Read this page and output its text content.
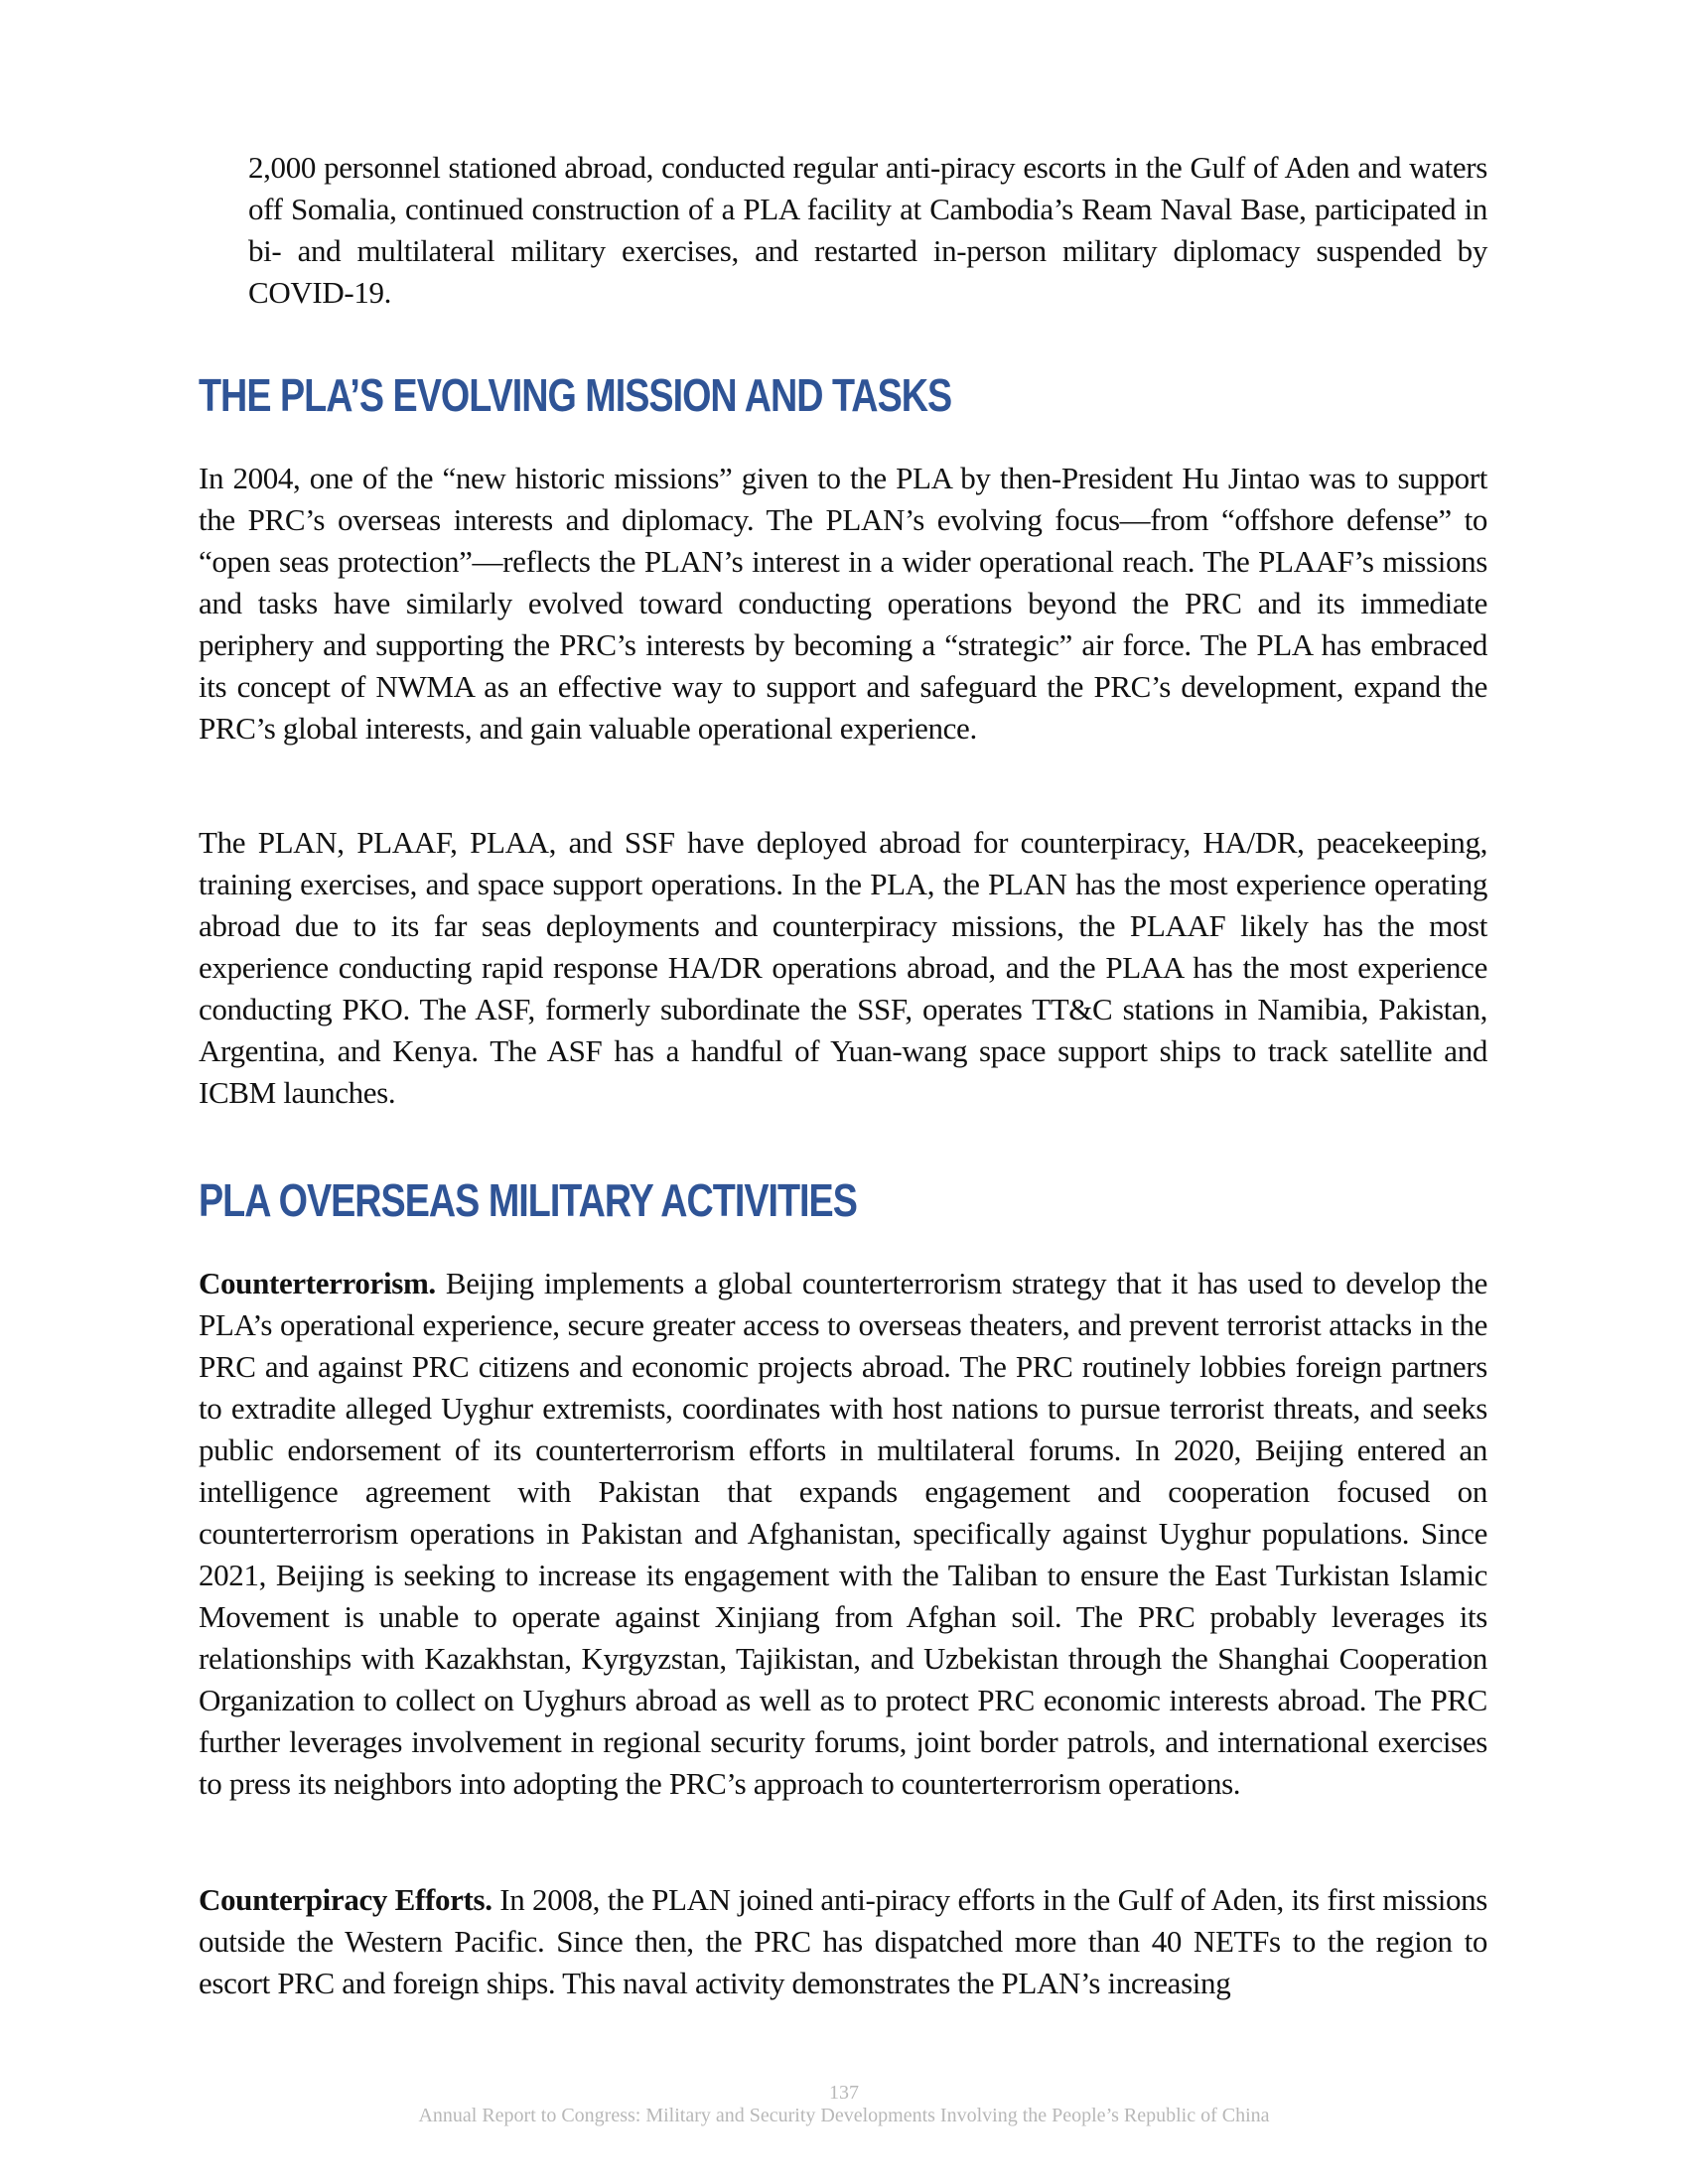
2,000 personnel stationed abroad, conducted regular anti-piracy escorts in the Gulf of Aden and waters off Somalia, continued construction of a PLA facility at Cambodia’s Ream Naval Base, participated in bi- and multilateral military exercises, and restarted in-person military diplomacy suspended by COVID-19.

THE PLA’S EVOLVING MISSION AND TASKS

In 2004, one of the “new historic missions” given to the PLA by then-President Hu Jintao was to support the PRC’s overseas interests and diplomacy. The PLAN’s evolving focus—from “offshore defense” to “open seas protection”—reflects the PLAN’s interest in a wider operational reach. The PLAAF’s missions and tasks have similarly evolved toward conducting operations beyond the PRC and its immediate periphery and supporting the PRC’s interests by becoming a “strategic” air force. The PLA has embraced its concept of NWMA as an effective way to support and safeguard the PRC’s development, expand the PRC’s global interests, and gain valuable operational experience.

The PLAN, PLAAF, PLAA, and SSF have deployed abroad for counterpiracy, HA/DR, peacekeeping, training exercises, and space support operations. In the PLA, the PLAN has the most experience operating abroad due to its far seas deployments and counterpiracy missions, the PLAAF likely has the most experience conducting rapid response HA/DR operations abroad, and the PLAA has the most experience conducting PKO. The ASF, formerly subordinate the SSF, operates TT&C stations in Namibia, Pakistan, Argentina, and Kenya. The ASF has a handful of Yuan-wang space support ships to track satellite and ICBM launches.

PLA OVERSEAS MILITARY ACTIVITIES

Counterterrorism. Beijing implements a global counterterrorism strategy that it has used to develop the PLA’s operational experience, secure greater access to overseas theaters, and prevent terrorist attacks in the PRC and against PRC citizens and economic projects abroad. The PRC routinely lobbies foreign partners to extradite alleged Uyghur extremists, coordinates with host nations to pursue terrorist threats, and seeks public endorsement of its counterterrorism efforts in multilateral forums. In 2020, Beijing entered an intelligence agreement with Pakistan that expands engagement and cooperation focused on counterterrorism operations in Pakistan and Afghanistan, specifically against Uyghur populations. Since 2021, Beijing is seeking to increase its engagement with the Taliban to ensure the East Turkistan Islamic Movement is unable to operate against Xinjiang from Afghan soil. The PRC probably leverages its relationships with Kazakhstan, Kyrgyzstan, Tajikistan, and Uzbekistan through the Shanghai Cooperation Organization to collect on Uyghurs abroad as well as to protect PRC economic interests abroad. The PRC further leverages involvement in regional security forums, joint border patrols, and international exercises to press its neighbors into adopting the PRC’s approach to counterterrorism operations.

Counterpiracy Efforts. In 2008, the PLAN joined anti-piracy efforts in the Gulf of Aden, its first missions outside the Western Pacific. Since then, the PRC has dispatched more than 40 NETFs to the region to escort PRC and foreign ships. This naval activity demonstrates the PLAN’s increasing

137
Annual Report to Congress: Military and Security Developments Involving the People’s Republic of China
